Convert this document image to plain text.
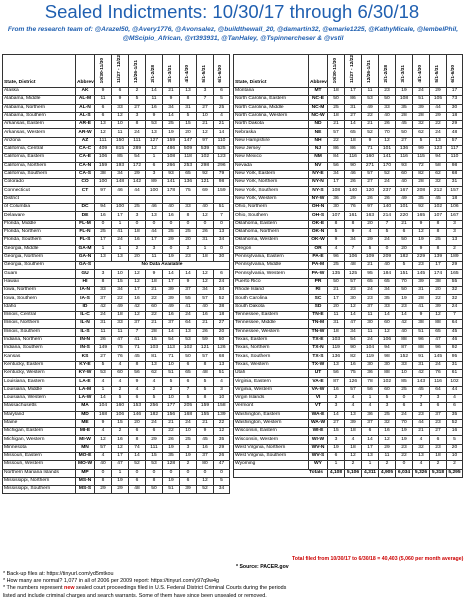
Sealed Indictments: 10/30/17 through 6/30/18
From the research team of: @ArazeI50, @Avery1776, @Avonsalez, @buildthewall_20, @damartin32, @emarie1225, @KathyMicale, @lembelPhil, @MScipio_African, @rt393931, @TanHaley, @Tspinnercheser & @vstil
State, District	Abbrev	10/30-11/30	11/27 - 12/22	12/26-1/31	2/1-2/28	3/1-3/31	4/1-4/30	5/1-5/31	6/1-6/30
Alaska	AK	9	6	2	14	21	13	3	6
Alabama, Middle	AL-M	11	9	5	11	9	8	7	5
Alabama, Northern	AL-N	6	33	27	16	34	31	27	25
Alabama, Southern	AL-S	6	12	3	9	14	5	10	4
Arkansas, Eastern	AR-E	13	10	8	53	25	15	21	21
Arkansas, Western	AR-W	12	11	24	13	19	20	12	14
Arizona	AZ	111	150	111	127	159	147	97	110
California, Central	CA-C	409	815	289	12	486	509	539	525
California, Eastern	CA-E	106	85	54	1	108	118	102	123
California, Northern	CA-N	159	193	172	6	266	253	298	296
California, Southern	CA-S	38	34	29	3	93	65	92	79
Colorado	CO	100	148	142	89	141	136	121	98
Connecticut	CT	97	46	44	100	178	75	69	159
District									
of Columbia	DC	94	100	25	46	40	33	40	51
Delaware	DE	16	17	3	13	16	8	12	7
Florida, Middle	FL-M	0	1	0	0	0	0	0	0
Florida, Northern	FL-N	25	41	18	44	25	25	26	13
Florida, Southern	FL-S	17	24	16	17	29	20	31	34
Georgia, Middle	GA-M	1	1	2	3	0	2	1	0
Georgia, Northern	GA-N	13	13	20	11	19	23	18	30
Georgia, Southern	GA-S	No Data Available							
Guam	GU	3	10	12	9	14	14	12	6
Hawaii	HI	8	15	12	18	17	9	12	24
Iowa, Northern	IA-N	33	34	17	21	39	37	34	34
Iowa, Southern	IA-S	37	22	16	22	39	55	57	52
Idaho	ID	42	49	42	60	49	41	40	38
Illinois, Central	IL-C	24	18	12	22	16	24	16	18
Illinois, Northern	IL-N	31	33	37	21	37	64	21	27
Illinois, Southern	IL-S	11	11	7	28	14	13	26	20
Indiana, Northern	IN-N	26	47	41	15	54	53	59	50
Indiana, Southern	IN-S	149	75	71	103	113	102	121	126
Kansas	KS	27	76	45	81	71	50	57	68
Kentucky, Eastern	KY-E	5	4	8	13	10	6	8	13
Kentucky, Western	KY-W	53	60	56	62	51	65	48	51
Louisiana, Eastern	LA-E	4	4	9	4	5	6	5	4
Louisiana, Middle	LA-M	1	2	4	2	2	7	5	3
Louisiana, Western	LA-W	14	5	6	5	10	5	8	10
Massachusetts	MA	104	160	153	256	177	205	159	158
Maryland	MD	168	106	146	182	156	168	155	139
Maine	ME	9	15	20	24	21	24	21	22
Michigan, Eastern	MI-E	4	2	6	6	22	10	9	12
Michigan, Western	MI-W	12	16	8	29	26	25	45	35
Minnesota	MN	57	12	74	111	19	3	16	29
Missouri, Eastern	MO-E	4	17	14	15	35	19	37	26
Missouri, Western	MO-W	40	47	52	53	128	2	80	47
Northern Mariana Islands	MP	0	1	0	0	0	0	0	0
Mississippi, Northern	MS-N	8	19	6	8	19	6	12	5
Mississippi, Southern	MS-S	29	29	48	50	51	39	52	34
State, District	Abbrev	10/30-11/30	11/27 - 12/22	12/26-1/31	2/1-2/28	3/1-3/31	4/1-4/30	5/1-5/31	6/1-6/30
Montana	MT	18	17	11	23	19	24	29	17
North Carolina, Eastern	NC-E	50	86	53	50	108	51	105	73
North Carolina, Middle	NC-M	25	31	49	33	35	39	44	30
North Carolina, Western	NC-W	18	27	22	40	28	28	29	18
North Dakota	ND	21	14	21	26	45	32	22	29
Nebraska	NE	57	65	52	70	50	62	24	48
New Hampshire	NH	22	18	9	12	27	5	13	57
New Jersey	NJ	86	86	71	101	136	99	123	117
New Mexico	NM	84	116	160	141	116	115	94	110
Nevada	NV	56	90	271	170	93	72	58	98
New York, Eastern	NY-E	34	46	57	52	60	82	62	68
New York, Northern	NY-N	17	26	27	24	40	28	32	31
New York, Southern	NY-S	108	140	120	237	167	208	212	157
New York, Western	NY-W	36	29	26	26	49	35	45	18
Ohio, Northern	OH-N	30	76	97	140	101	92	102	106
Ohio, Southern	OH-S	107	161	163	214	220	165	107	167
Oklahoma, Eastern	OK-E	8	8	20	7	21	9	8	3
Oklahoma, Northern	OK-N	5	9	4	5	6	12	8	3
Oklahoma, Western	OK-W	9	34	29	24	50	19	25	13
Oregon	OR	4	7	5	0	20	9	8	2
Pennsylvania, Eastern	PA-E	96	106	109	209	182	229	139	189
Pennsylvania, Middle	PA-M	25	48	21	40	5	23	17	29
Pennsylvania, Western	PA-W	135	125	95	184	151	145	174	165
Puerto Rico	PR	50	57	65	65	70	39	38	55
Rhode Island	RI	21	23	24	34	50	31	20	32
South Carolina	SC	17	30	23	35	19	28	22	32
South Dakota	SD	20	12	37	33	23	41	39	24
Tennessee, Eastern	TN-E	11	14	11	14	14	9	12	7
Tennessee, Middle	TN-M	31	47	30	60	42	38	88	64
Tennessee, Western	TN-W	18	34	11	12	40	51	65	45
Texas, Eastern	TX-E	103	54	24	106	88	96	47	46
Texas, Northern	TX-N	119	90	104	94	87	88	96	92
Texas, Southern	TX-S	136	82	119	98	152	91	145	95
Texas, Western	TX-W	13	16	30	30	33	31	24	31
Utah	UT	56	75	36	88	10	42	76	61
Virginia, Eastern	VA-E	87	126	78	102	85	143	116	102
Virginia, Western	VA-W	16	57	56	60	25	45	64	44
Virgin Islands	VI	2	4	1	5	0	7	3	4
Vermont	VT	3	4	4	3	6	3	6	6
Washington, Eastern	WA-E	14	13	36	25	24	23	37	35
Washington, Western	WA-W	27	39	37	32	70	44	23	52
Wisconsin, Eastern	WI-E	15	18	6	16	19	21	27	16
Wisconsin, Western	WI-W	3	4	14	12	19	4	6	5
West Virginia, Northern	WV-N	19	18	17	29	23	32	23	20
West Virginia, Southern	WV-S	6	12	13	11	22	13	18	10
Wyoming	WY	1	2	1	2	0	4	2	2
Totals		4,108	5,106	4,311	4,905	6,034	5,326	5,318	5,295
Total filed from 10/30/17 to 6/30/18 = 40,403 (5,060 per month average)
* Source: PACER.gov
* Back-up files at: https://tinyurl.com/yd5mtkou
* How many are normal? 1,077 in all of 2006 per 2009 report: https://tinyurl.com/y97q9w4g
* The numbers represent new sealed court proceedings filed in U.S. Federal District Criminal Courts during the periods
listed and include criminal charges and search warrants. Some of them have since been unsealed or removed.
